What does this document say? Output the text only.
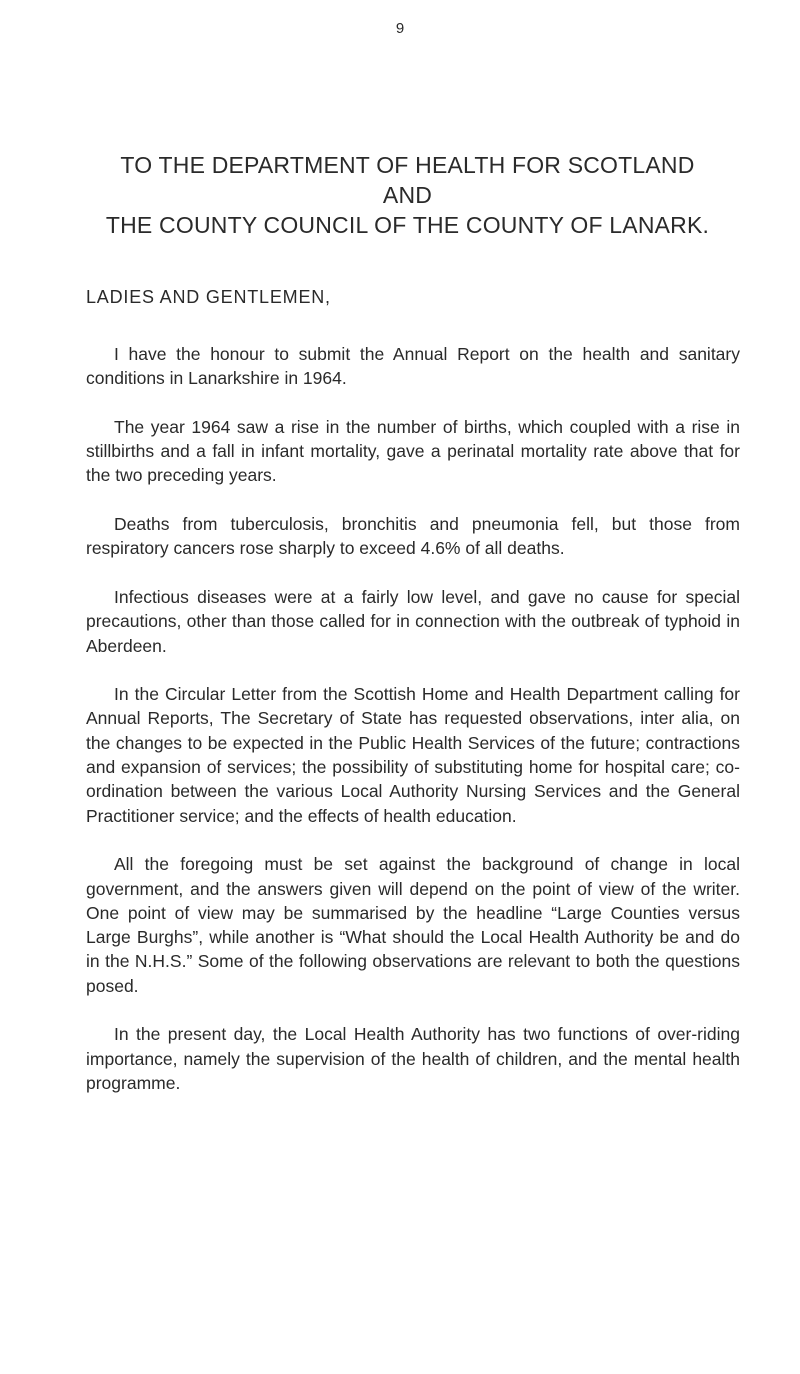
9
TO THE DEPARTMENT OF HEALTH FOR SCOTLAND
AND
THE COUNTY COUNCIL OF THE COUNTY OF LANARK.
LADIES AND GENTLEMEN,

I have the honour to submit the Annual Report on the health and sanitary conditions in Lanarkshire in 1964.

The year 1964 saw a rise in the number of births, which coupled with a rise in stillbirths and a fall in infant mortality, gave a perinatal mortality rate above that for the two preceding years.

Deaths from tuberculosis, bronchitis and pneumonia fell, but those from respiratory cancers rose sharply to exceed 4.6% of all deaths.

Infectious diseases were at a fairly low level, and gave no cause for special precautions, other than those called for in connection with the outbreak of typhoid in Aberdeen.

In the Circular Letter from the Scottish Home and Health Department calling for Annual Reports, The Secretary of State has requested observations, inter alia, on the changes to be expected in the Public Health Services of the future; contractions and expansion of services; the possibility of substituting home for hospital care; co-ordination between the various Local Authority Nursing Services and the General Practitioner service; and the effects of health education.

All the foregoing must be set against the background of change in local government, and the answers given will depend on the point of view of the writer. One point of view may be summarised by the headline “Large Counties versus Large Burghs”, while another is “What should the Local Health Authority be and do in the N.H.S.” Some of the following observations are relevant to both the questions posed.

In the present day, the Local Health Authority has two functions of over-riding importance, namely the supervision of the health of children, and the mental health programme.
